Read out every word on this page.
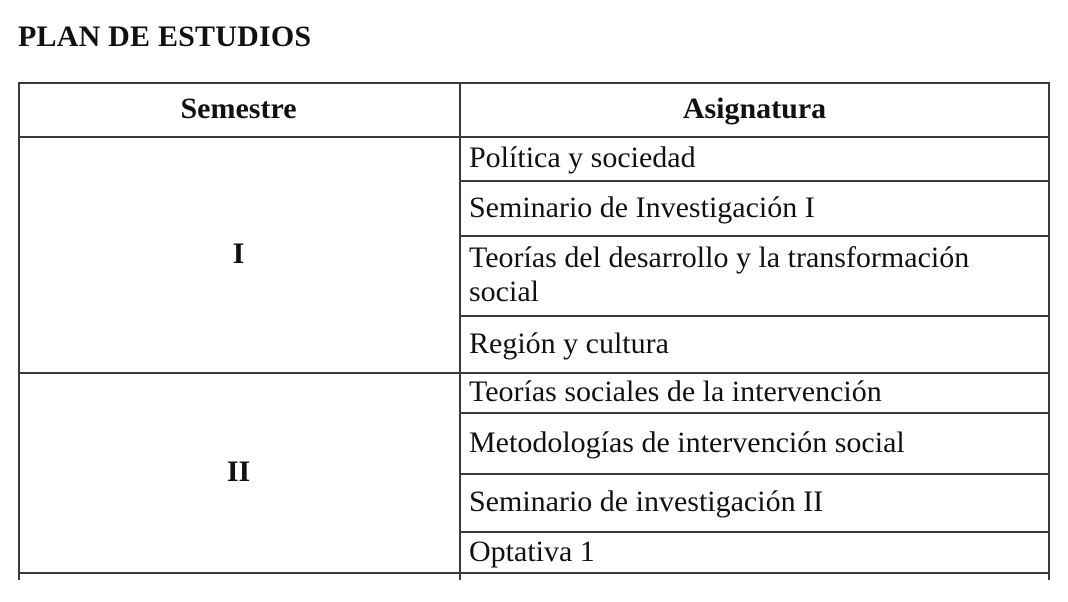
PLAN DE ESTUDIOS
Semestre	Asignatura
I
II
Política y sociedad
Seminario de Investigación I
Teorías del desarrollo y la transformación social
Región y cultura
Teorías sociales de la intervención
Metodologías de intervención social
Seminario de investigación II
Optativa 1
